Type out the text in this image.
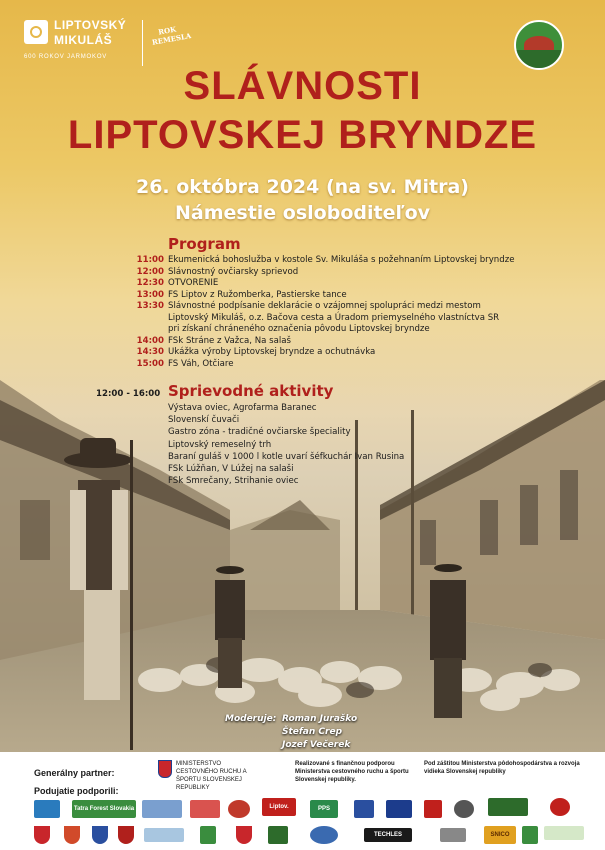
LIPTOVSKÝ
MIKULÁŠ
600 ROKOV JARMOKOV
ROK REMESLA
SLÁVNOSTI
LIPTOVSKEJ BRYNDZE
26. októbra 2024 (na sv. Mitra)
Námestie osloboditeľov
Program
11:00 Ekumenická bohoslužba v kostole Sv. Mikuláša s požehnaním Liptovskej bryndze
12:00 Slávnostný ovčiarsky sprievod
12:30 OTVORENIE
13:00 FS Liptov z Ružomberka, Pastierske tance
13:30 Slávnostné podpísanie deklarácie o vzájomnej spolupráci medzi mestom
Liptovský Mikuláš, o.z. Bačova cesta a Úradom priemyselného vlastníctva SR
pri získaní chráneného označenia pôvodu Liptovskej bryndze
14:00 FSk Stráne z Važca, Na salaš
14:30 Ukážka výroby Liptovskej bryndze a ochutnávka
15:00 FS Váh, Otčiare
12:00 - 16:00 Sprievodné aktivity
Výstava oviec, Agrofarma Baranec
Slovenskí čuvači
Gastro zóna - tradičné ovčiarske špeciality
Liptovský remeselný trh
Baraní guláš v 1000 l kotle uvarí šéfkuchár Ivan Rusina
FSk Lúžňan, V Lúžej na salaši
FSk Smrečany, Strihanie oviec
Moderuje: Roman Juraško
Štefan Crep
Jozef Večerek
Generálny partner:
Podujatie podporili:
MINISTERSTVO CESTOVNÉHO RUCHU A ŠPORTU SLOVENSKEJ REPUBLIKY
Realizované s finančnou podporou Ministerstva cestovného ruchu a športu Slovenskej republiky.
Pod záštitou Ministerstva pôdohospodárstva a rozvoja vidieka Slovenskej republiky
Tatra Forest Slovakia	Liptov.	PPS
TECHLES	SNICO
